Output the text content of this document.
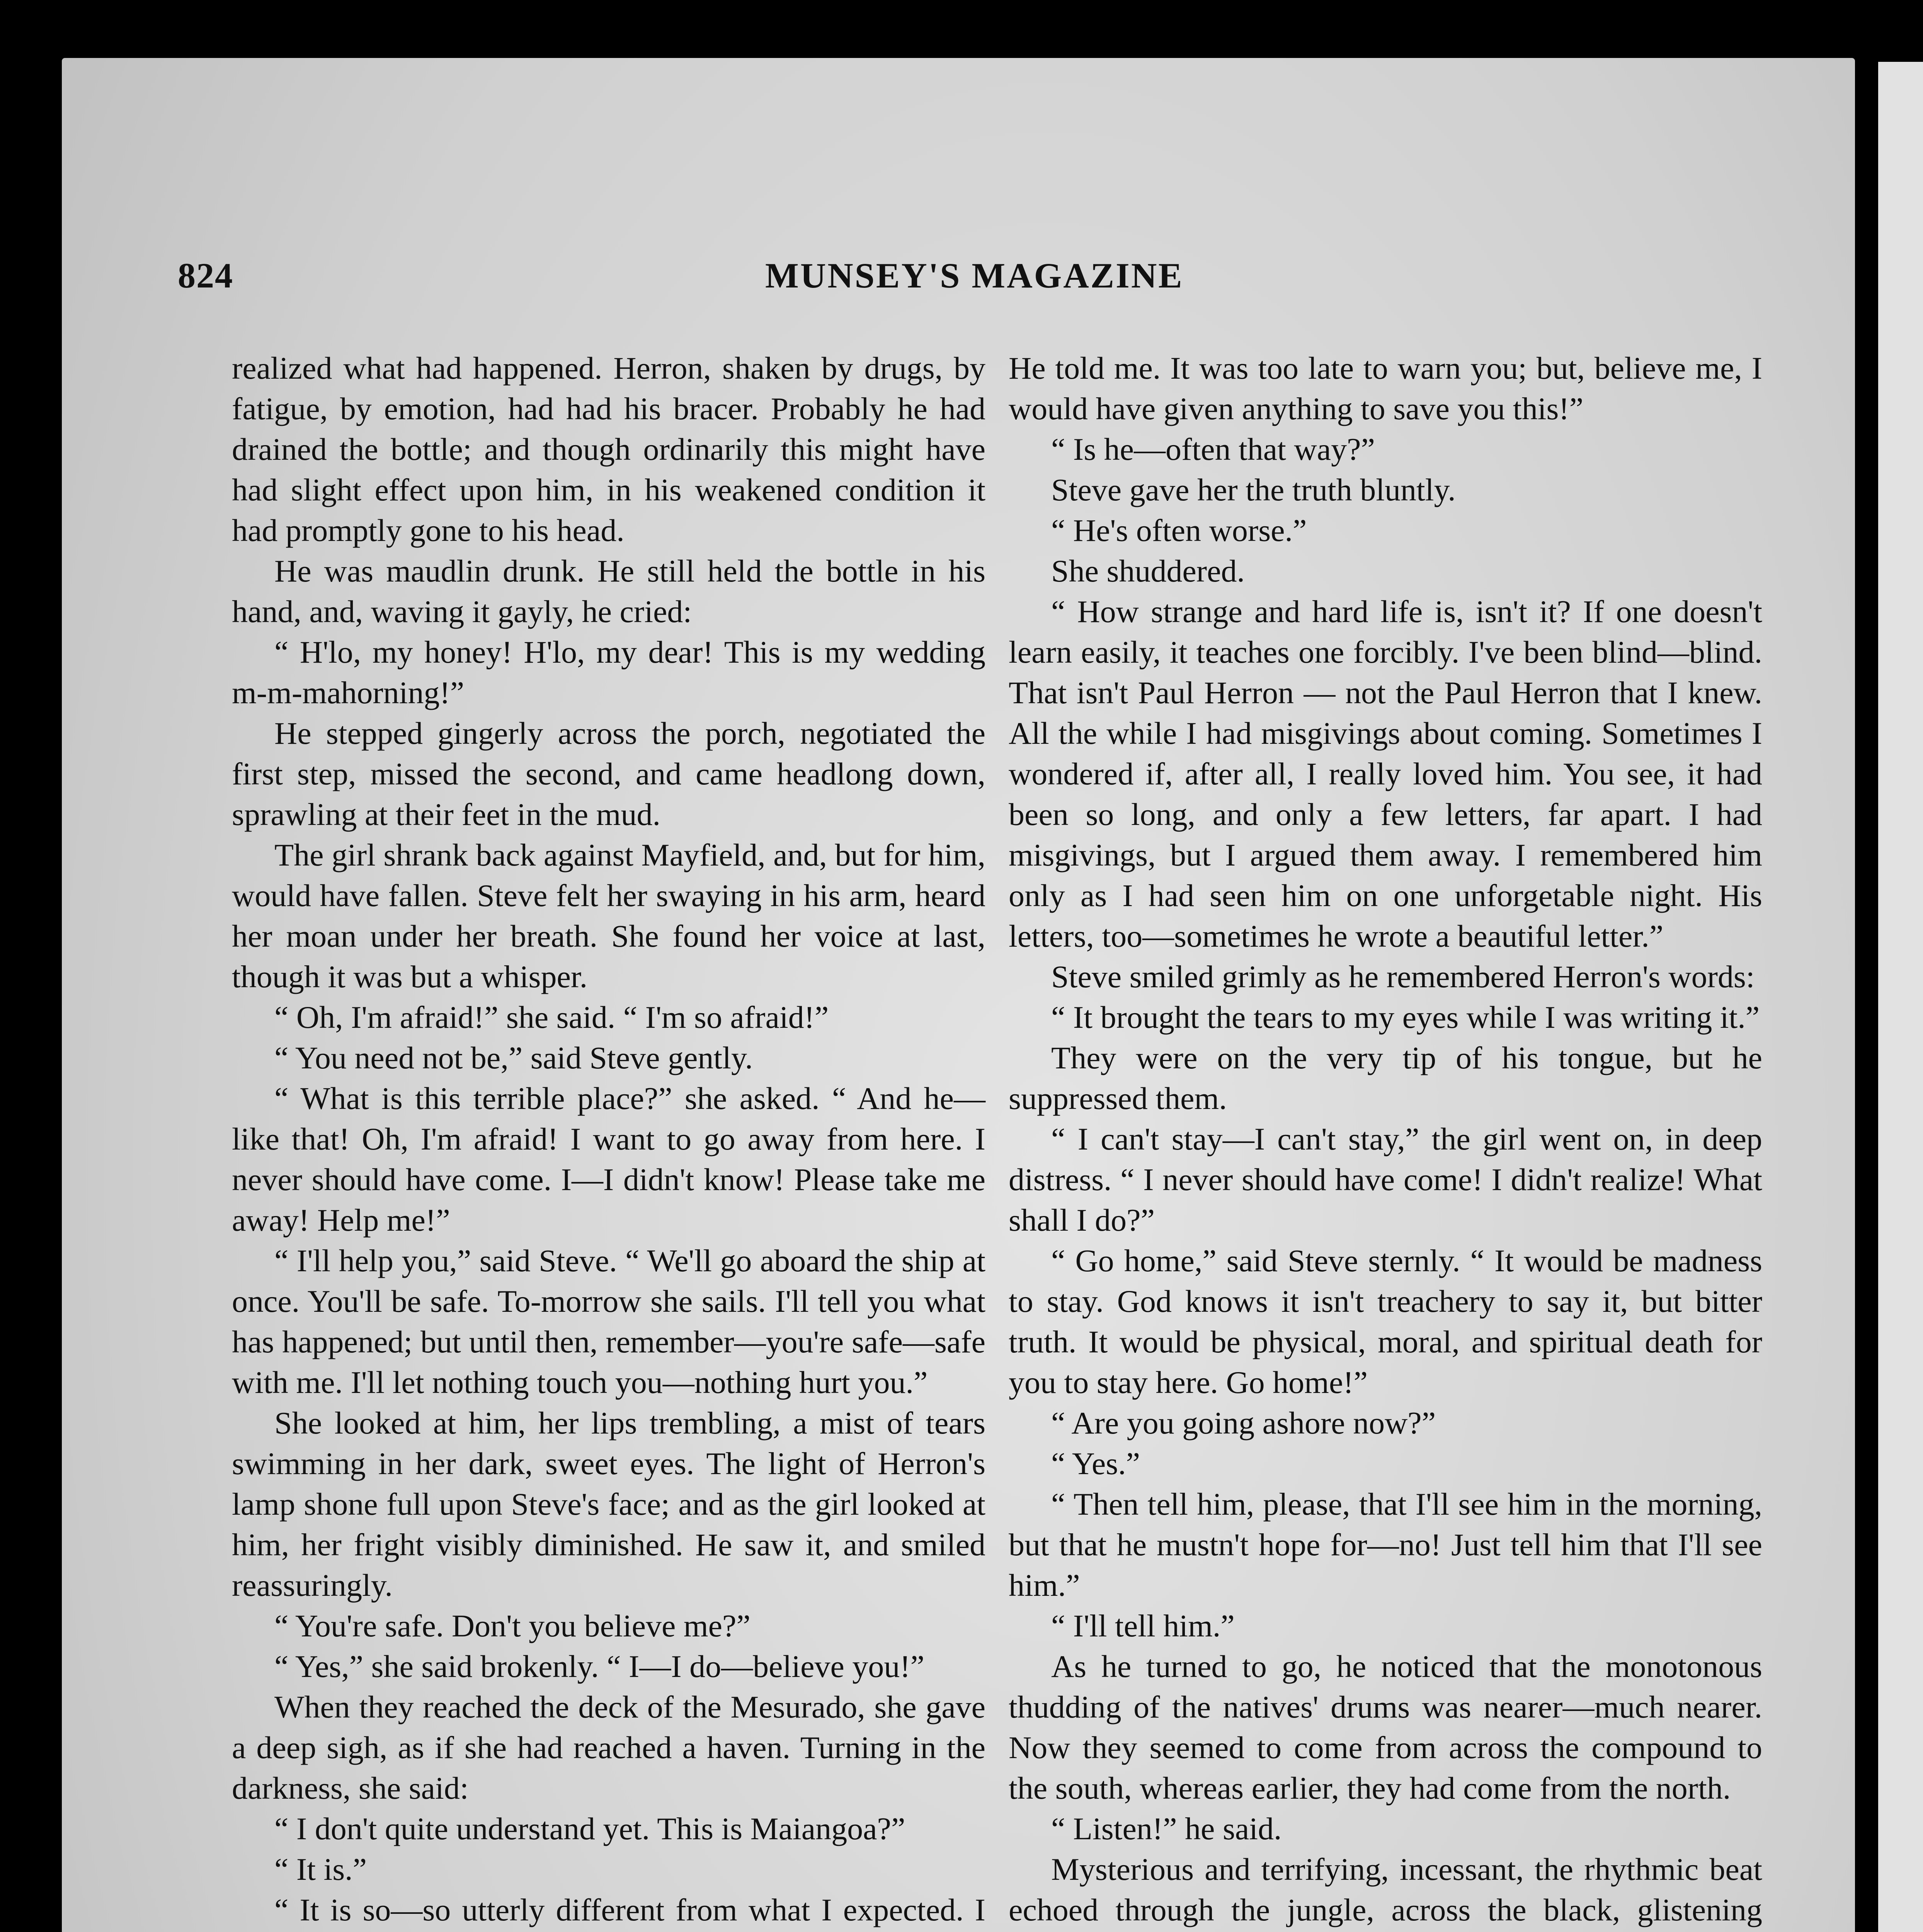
824	MUNSEY'S MAGAZINE

realized what had happened. Herron, shaken by drugs, by fatigue, by emotion, had had his bracer. Probably he had drained the bottle; and though ordinarily this might have had slight effect upon him, in his weakened condition it had promptly gone to his head.

He was maudlin drunk. He still held the bottle in his hand, and, waving it gayly, he cried:

“ H'lo, my honey! H'lo, my dear! This is my wedding m-m-mahorning!”

He stepped gingerly across the porch, negotiated the first step, missed the second, and came headlong down, sprawling at their feet in the mud.

The girl shrank back against Mayfield, and, but for him, would have fallen. Steve felt her swaying in his arm, heard her moan under her breath. She found her voice at last, though it was but a whisper.

“ Oh, I'm afraid!” she said. “ I'm so afraid!”

“ You need not be,” said Steve gently.

“ What is this terrible place?” she asked. “ And he—like that! Oh, I'm afraid! I want to go away from here. I never should have come. I—I didn't know! Please take me away! Help me!”

“ I'll help you,” said Steve. “ We'll go aboard the ship at once. You'll be safe. To-morrow she sails. I'll tell you what has happened; but until then, remember—you're safe—safe with me. I'll let nothing touch you—nothing hurt you.”

She looked at him, her lips trembling, a mist of tears swimming in her dark, sweet eyes. The light of Herron's lamp shone full upon Steve's face; and as the girl looked at him, her fright visibly diminished. He saw it, and smiled reassuringly.

“ You're safe. Don't you believe me?”

“ Yes,” she said brokenly. “ I—I do—believe you!”

When they reached the deck of the Mesurado, she gave a deep sigh, as if she had reached a haven. Turning in the darkness, she said:

“ I don't quite understand yet. This is Maiangoa?”

“ It is.”

“ It is so—so utterly different from what I expected. I

He told me. It was too late to warn you; but, believe me, I would have given anything to save you this!”

“ Is he—often that way?”

Steve gave her the truth bluntly.

“ He's often worse.”

She shuddered.

“ How strange and hard life is, isn't it? If one doesn't learn easily, it teaches one forcibly. I've been blind—blind. That isn't Paul Herron — not the Paul Herron that I knew. All the while I had misgivings about coming. Sometimes I wondered if, after all, I really loved him. You see, it had been so long, and only a few letters, far apart. I had misgivings, but I argued them away. I remembered him only as I had seen him on one unforgetable night. His letters, too—sometimes he wrote a beautiful letter.”

Steve smiled grimly as he remembered Herron's words:

“ It brought the tears to my eyes while I was writing it.”

They were on the very tip of his tongue, but he suppressed them.

“ I can't stay—I can't stay,” the girl went on, in deep distress. “ I never should have come! I didn't realize! What shall I do?”

“ Go home,” said Steve sternly. “ It would be madness to stay. God knows it isn't treachery to say it, but bitter truth. It would be physical, moral, and spiritual death for you to stay here. Go home!”

“ Are you going ashore now?”

“ Yes.”

“ Then tell him, please, that I'll see him in the morning, but that he mustn't hope for—no! Just tell him that I'll see him.”

“ I'll tell him.”

As he turned to go, he noticed that the monotonous thudding of the natives' drums was nearer—much nearer. Now they seemed to come from across the compound to the south, whereas earlier, they had come from the north.

“ Listen!” he said.

Mysterious and terrifying, incessant, the rhythmic beat echoed through the jungle, across the black, glistening
